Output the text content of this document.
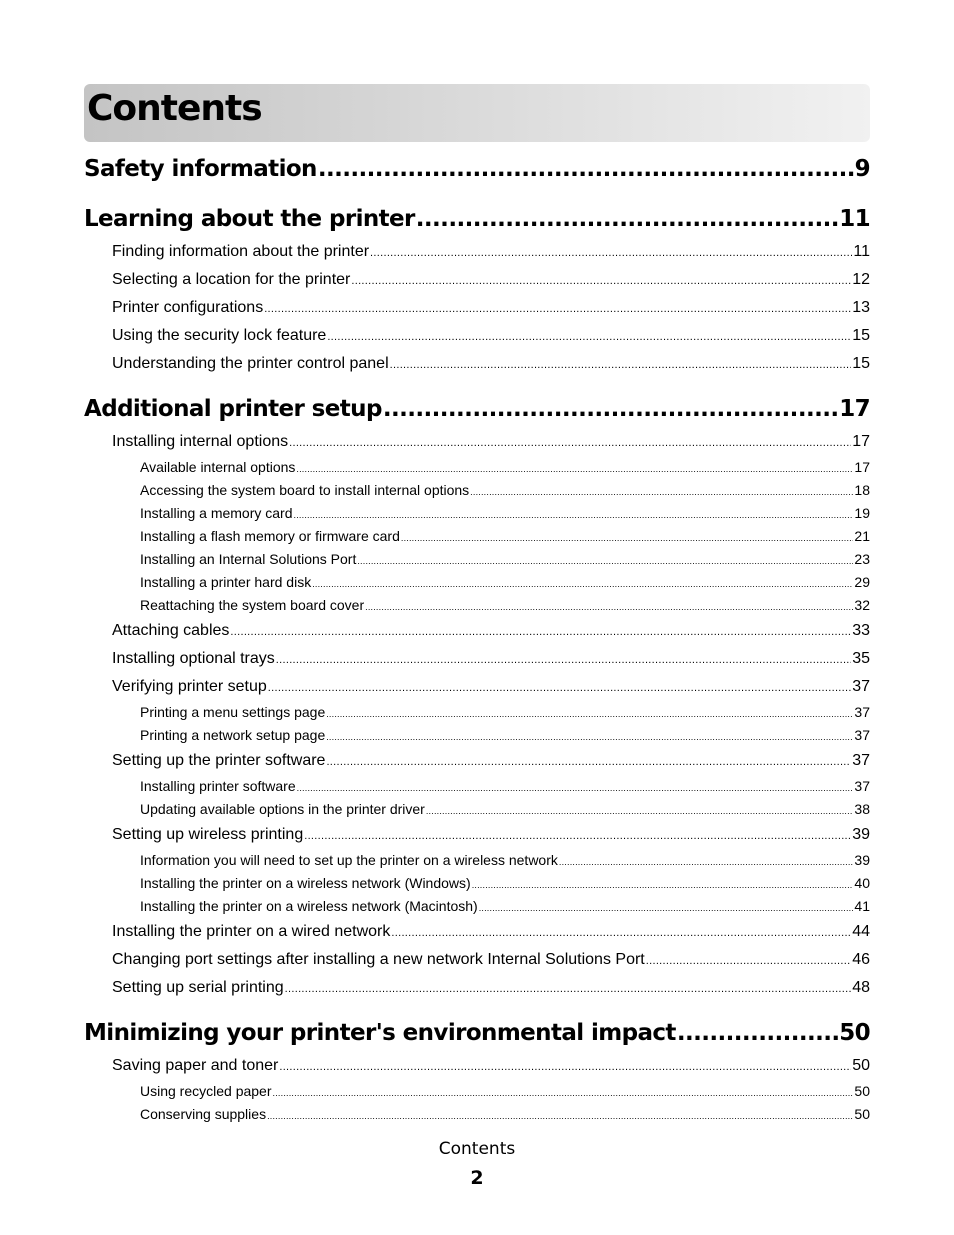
Contents
Safety information .....	9
Learning about the printer .....	11
Finding information about the printer .....	11
Selecting a location for the printer .....	12
Printer configurations .....	13
Using the security lock feature .....	15
Understanding the printer control panel .....	15
Additional printer setup .....	17
Installing internal options .....	17
Available internal options .....	17
Accessing the system board to install internal options .....	18
Installing a memory card .....	19
Installing a flash memory or firmware card .....	21
Installing an Internal Solutions Port .....	23
Installing a printer hard disk .....	29
Reattaching the system board cover .....	32
Attaching cables .....	33
Installing optional trays .....	35
Verifying printer setup .....	37
Printing a menu settings page .....	37
Printing a network setup page .....	37
Setting up the printer software .....	37
Installing printer software .....	37
Updating available options in the printer driver .....	38
Setting up wireless printing .....	39
Information you will need to set up the printer on a wireless network .....	39
Installing the printer on a wireless network (Windows) .....	40
Installing the printer on a wireless network (Macintosh) .....	41
Installing the printer on a wired network .....	44
Changing port settings after installing a new network Internal Solutions Port .....	46
Setting up serial printing .....	48
Minimizing your printer's environmental impact .....	50
Saving paper and toner .....	50
Using recycled paper .....	50
Conserving supplies .....	50
Contents
2
